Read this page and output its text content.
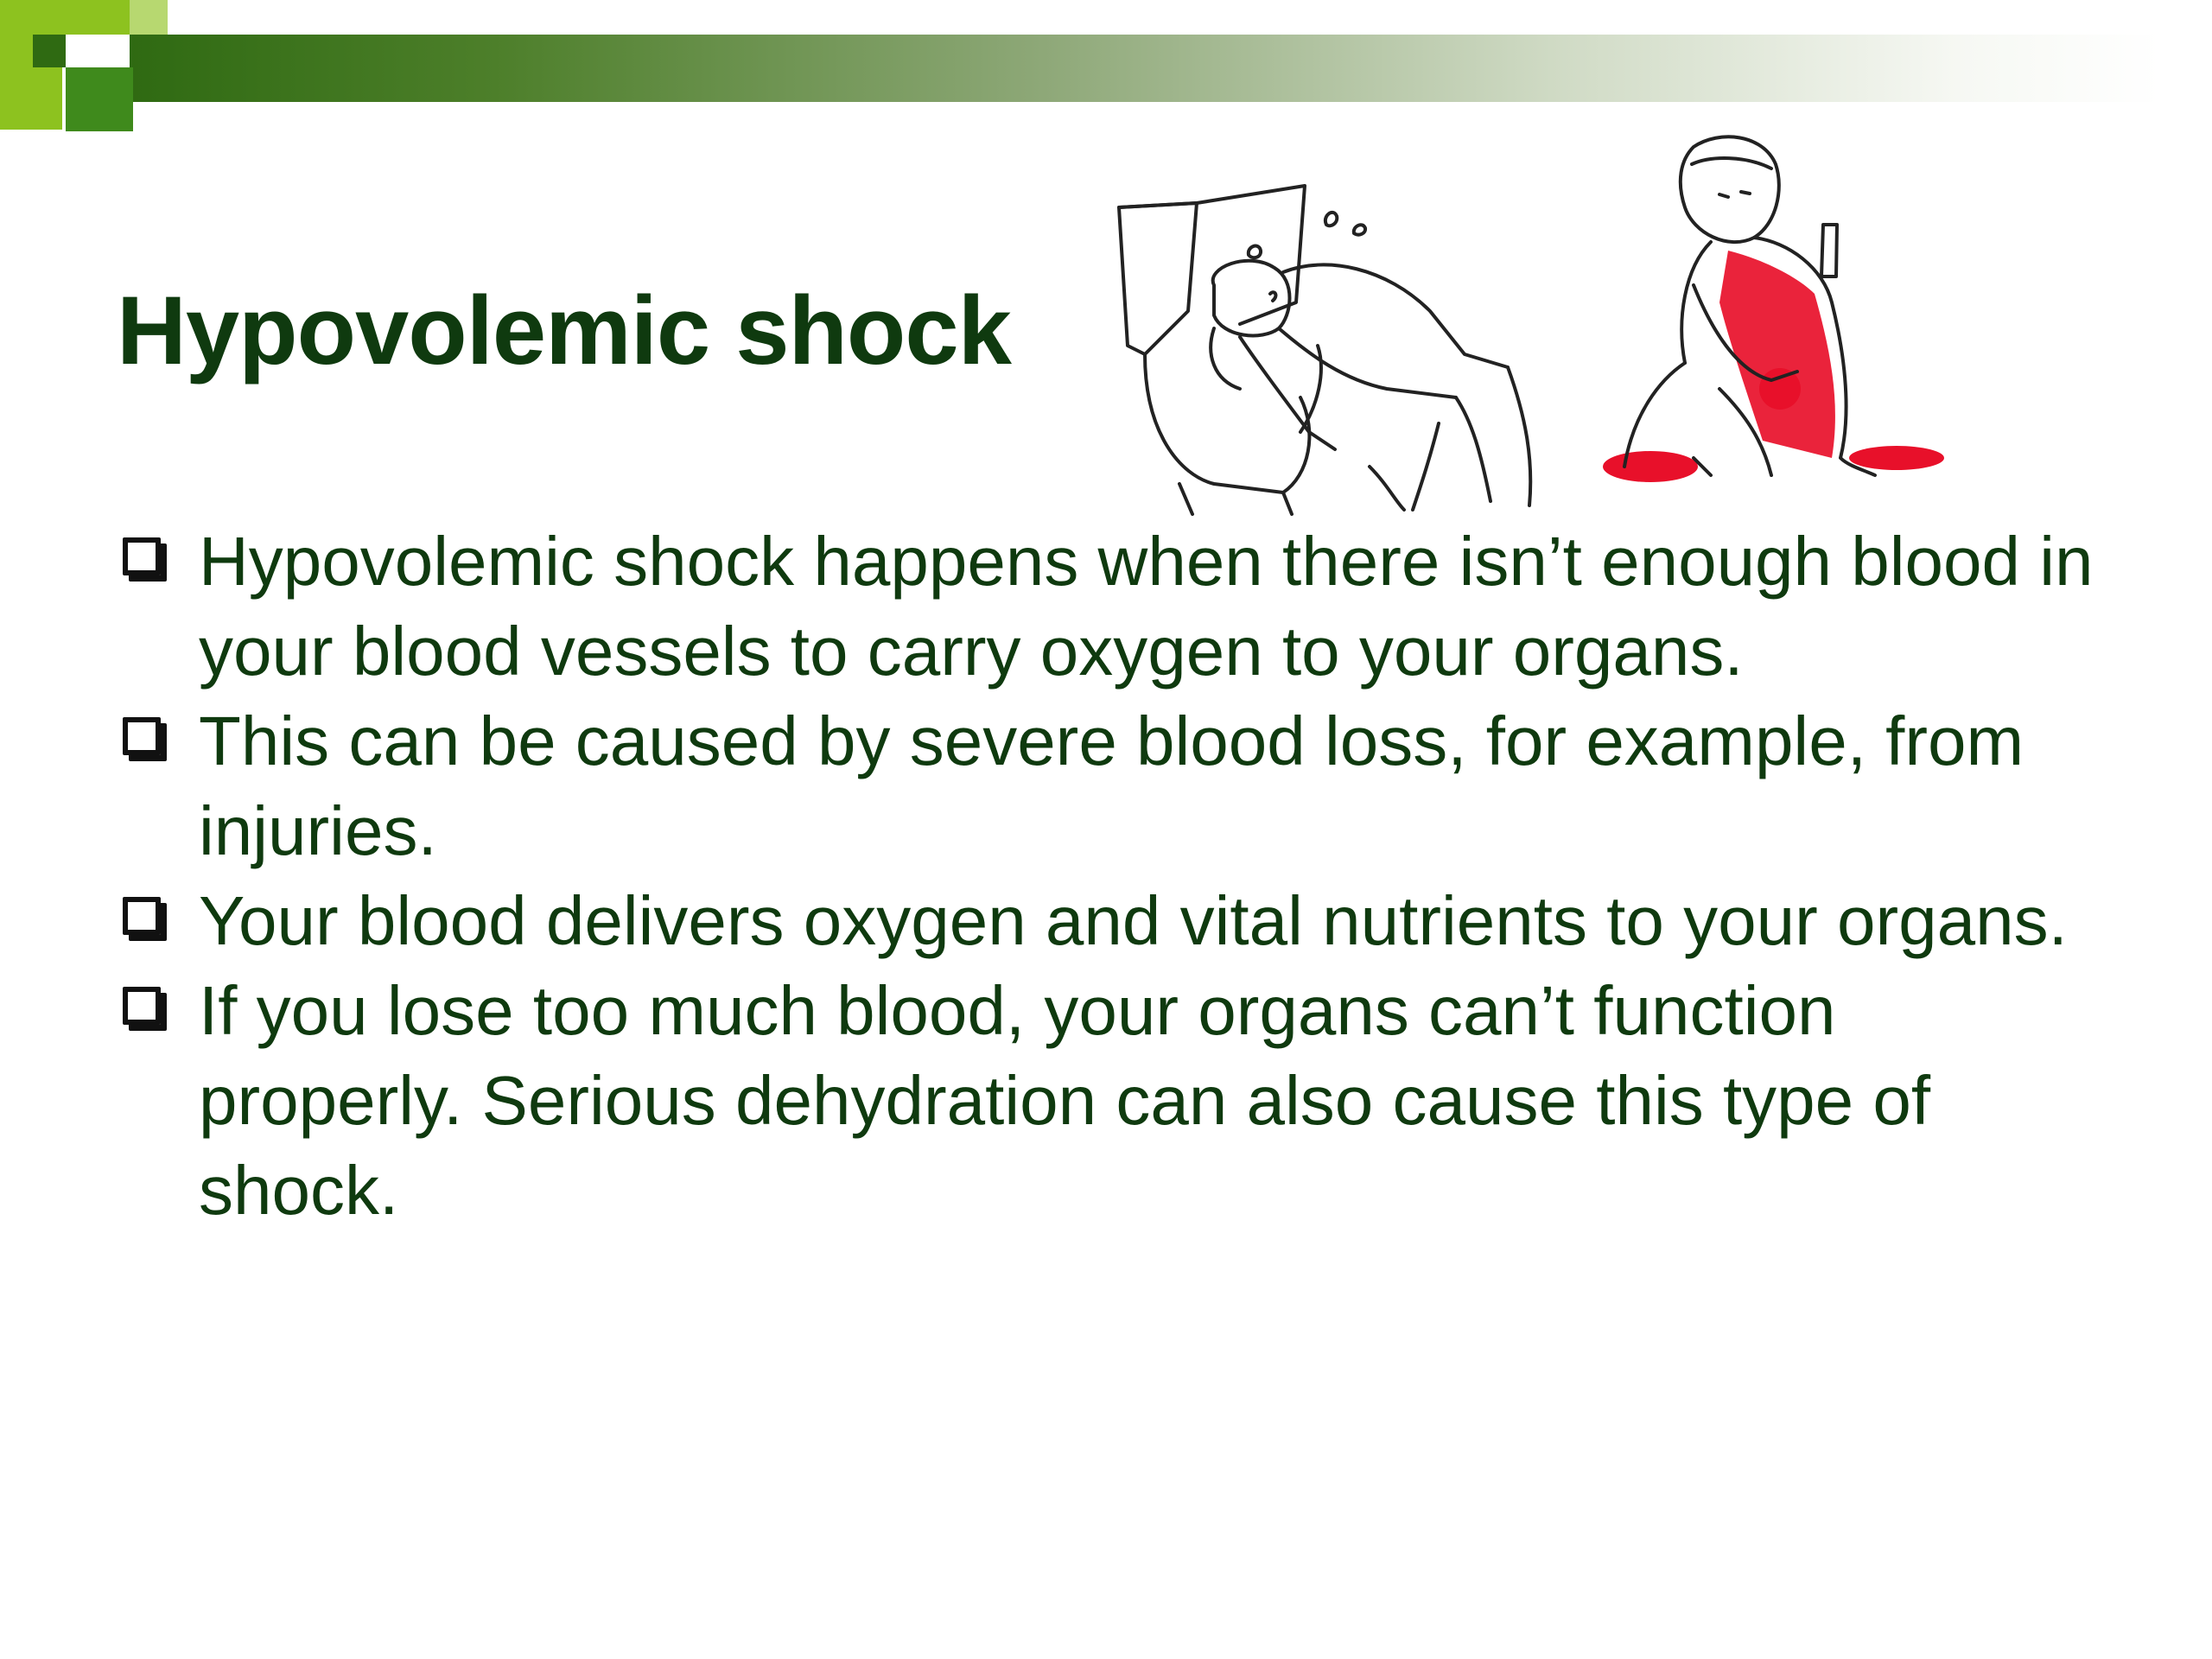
Hypovolemic shock
Hypovolemic shock happens when there isn’t enough blood in your blood vessels to carry oxygen to your organs.
This can be caused by severe blood loss, for example, from injuries.
Your blood delivers oxygen and vital nutrients to your organs.
If you lose too much blood, your organs can’t function properly. Serious dehydration can also cause this type of shock.
